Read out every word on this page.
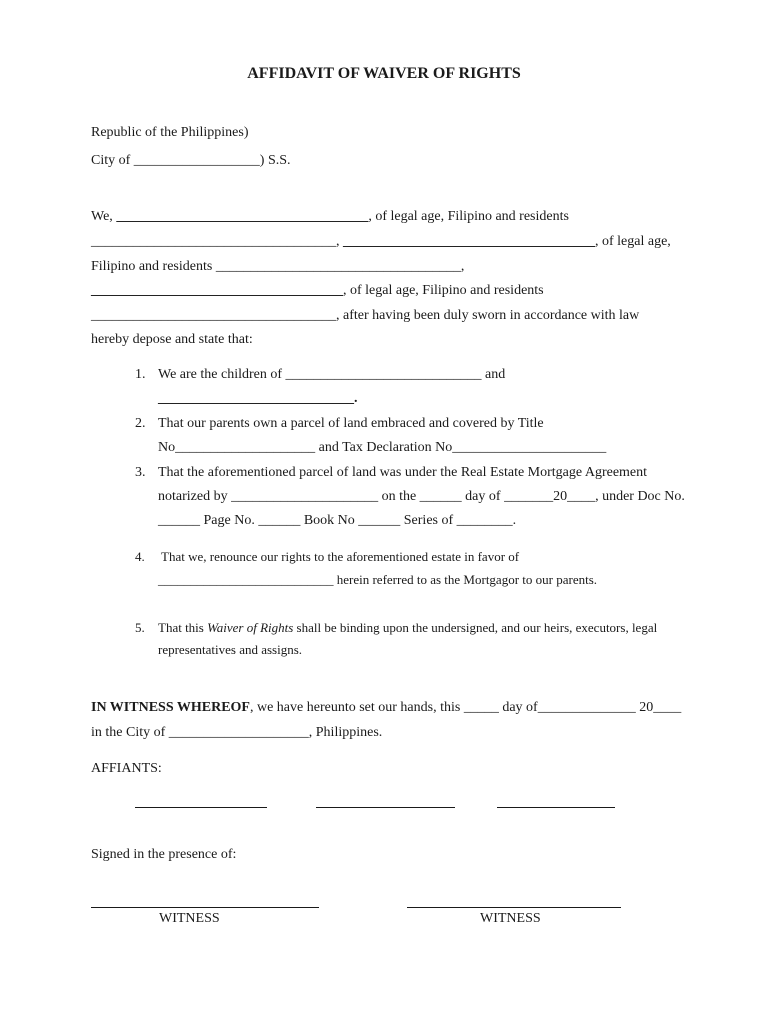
AFFIDAVIT OF WAIVER OF RIGHTS
Republic of the Philippines)
City of __________________) S.S.
We, ____________________________________, of legal age, Filipino and residents
___________________________________, ____________________________________, of legal age,
Filipino and residents ___________________________________,
____________________________________, of legal age, Filipino and residents
___________________________________, after having been duly sworn in accordance with law
hereby depose and state that:
1. We are the children of ____________________________ and
____________________________.
2. That our parents own a parcel of land embraced and covered by Title
No____________________ and Tax Declaration No______________________
3. That the aforementioned parcel of land was under the Real Estate Mortgage Agreement
notarized by _____________________ on the ______ day of _______20____, under Doc No.
______ Page No. ______ Book No ______ Series of ________.
4. That we, renounce our rights to the aforementioned estate in favor of
___________________________ herein referred to as the Mortgagor to our parents.
5. That this Waiver of Rights shall be binding upon the undersigned, and our heirs, executors, legal
representatives and assigns.
IN WITNESS WHEREOF, we have hereunto set our hands, this _____ day of______________ 20____
in the City of ____________________, Philippines.
AFFIANTS:
Signed in the presence of:
WITNESS	WITNESS
